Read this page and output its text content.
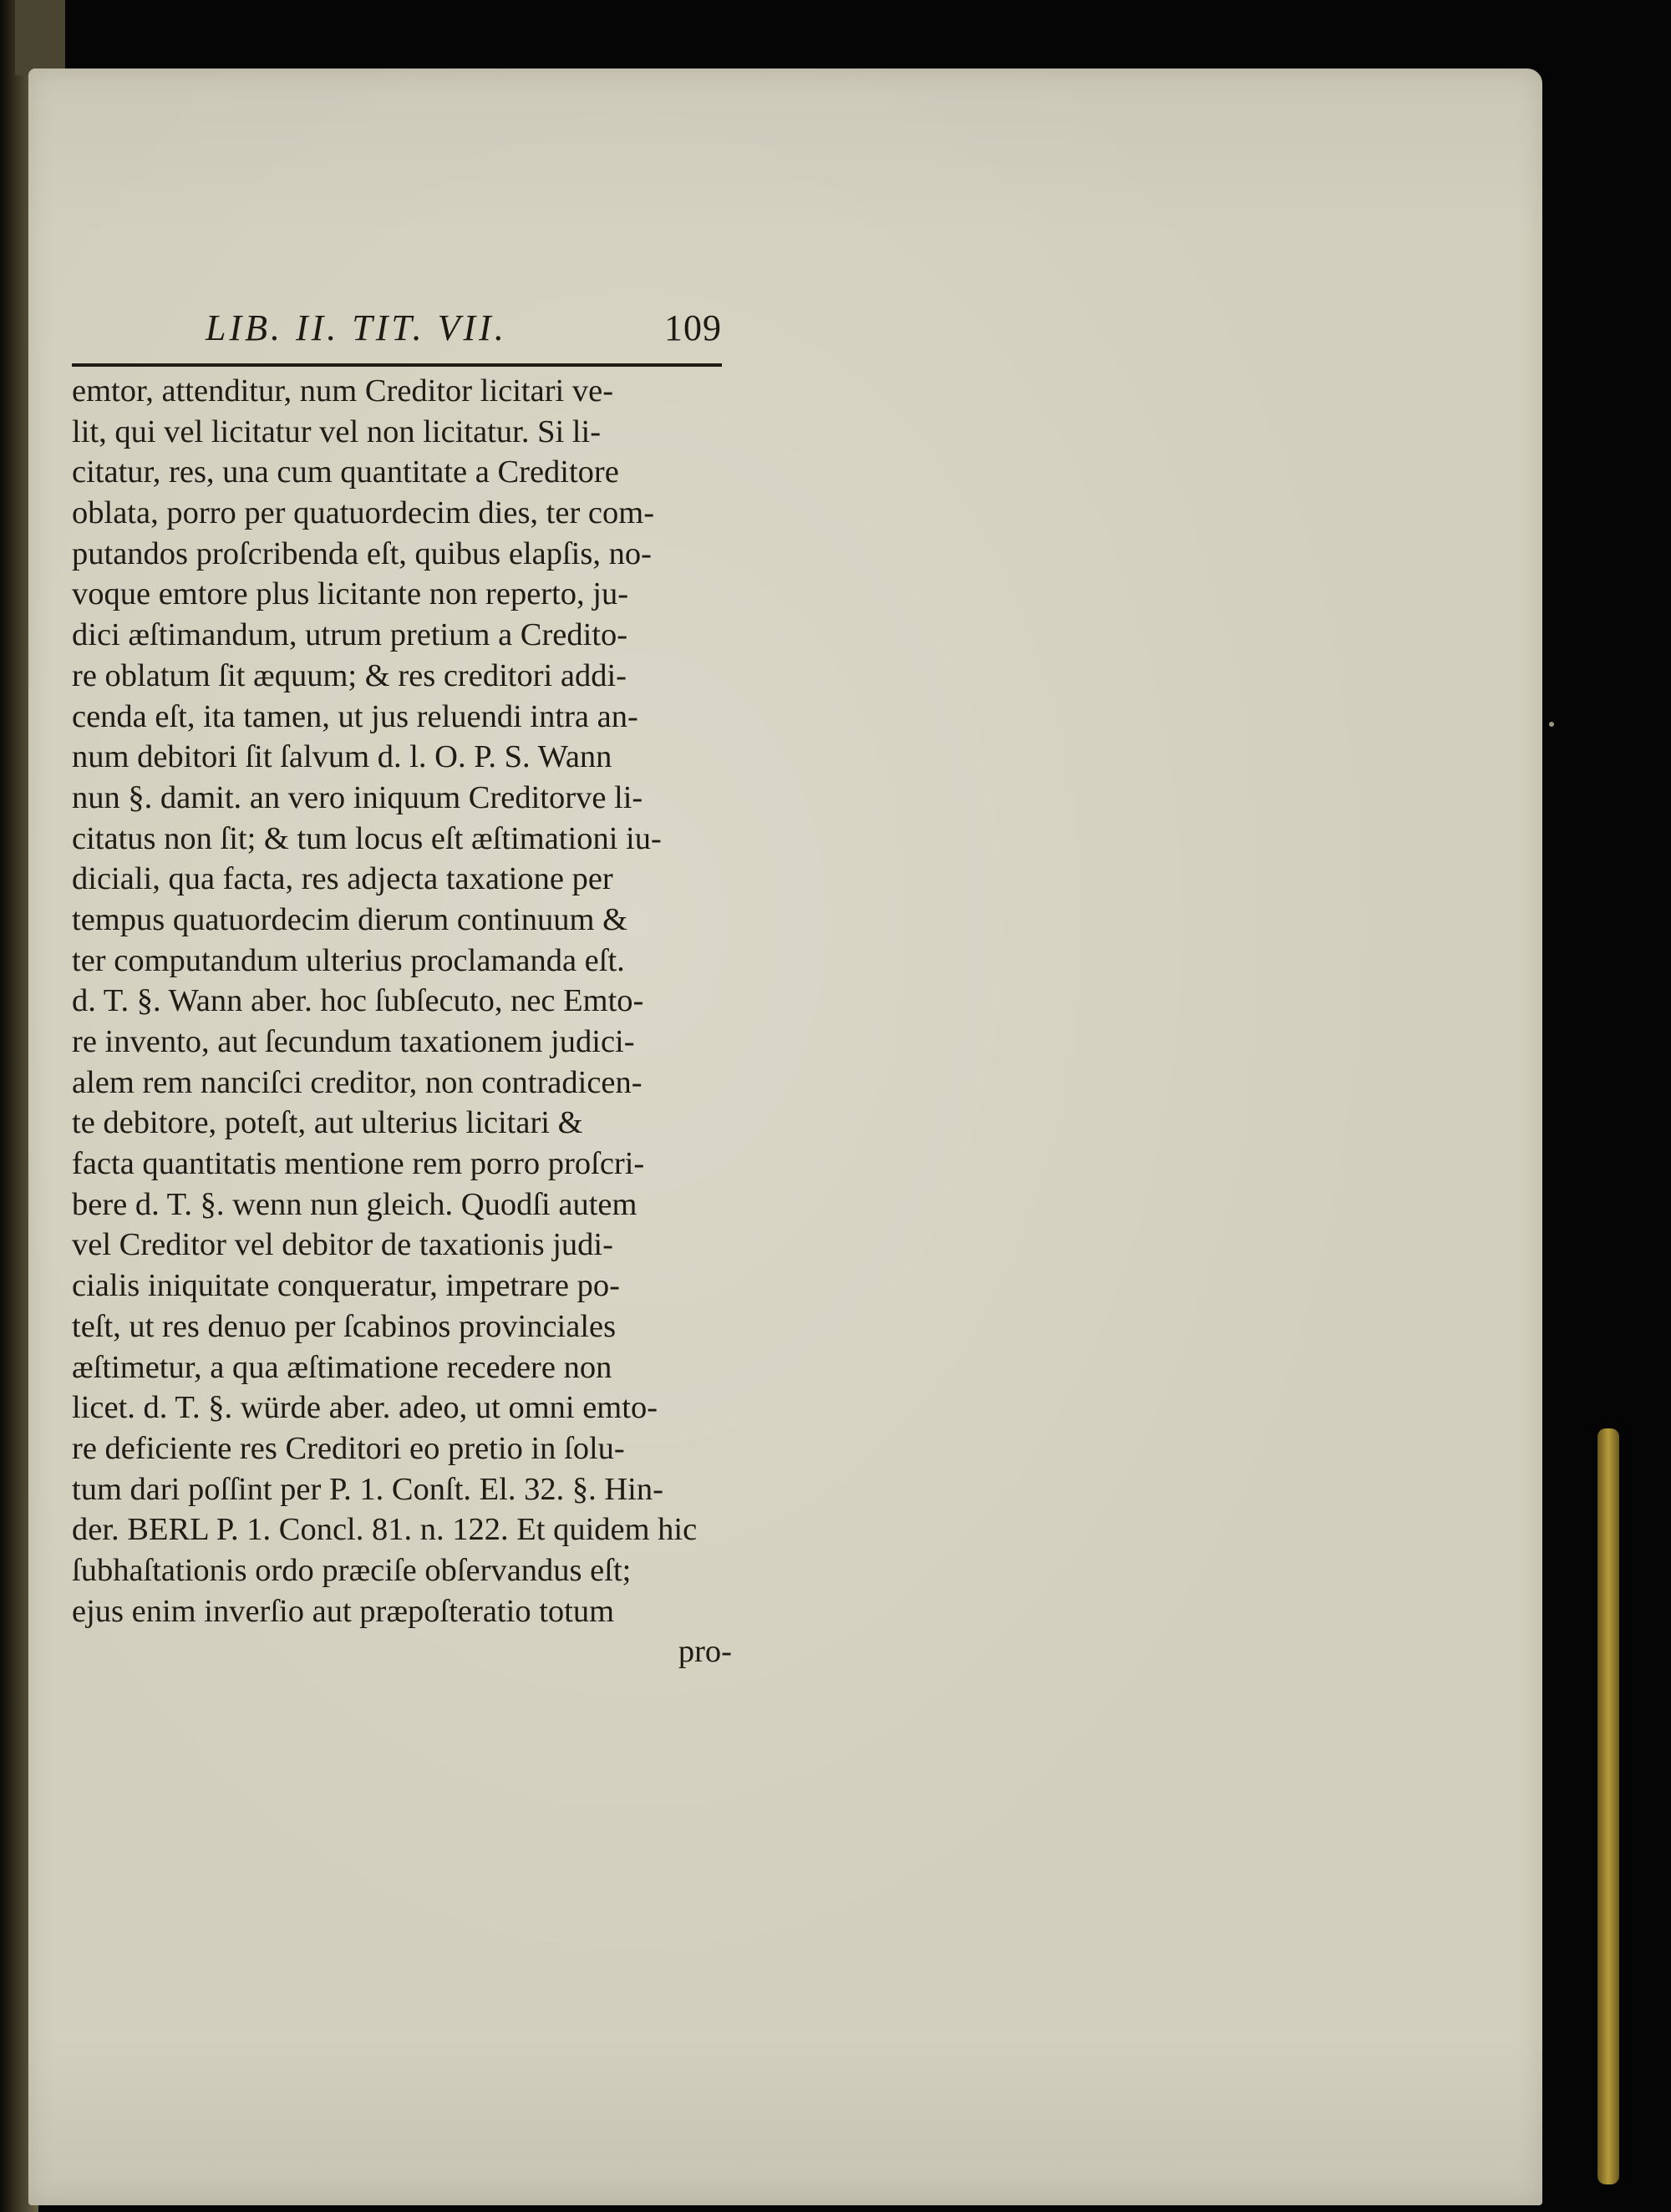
LIB. II. TIT. VII.	109
emtor, attenditur, num Creditor licitari ve-
lit, qui vel licitatur vel non licitatur. Si li-
citatur, res, una cum quantitate a Creditore
oblata, porro per quatuordecim dies, ter com-
putandos proſcribenda eſt, quibus elapſis, no-
voque emtore plus licitante non reperto, ju-
dici æſtimandum, utrum pretium a Credito-
re oblatum ſit æquum; & res creditori addi-
cenda eſt, ita tamen, ut jus reluendi intra an-
num debitori ſit ſalvum d. l. O. P. S. Wann
nun §. damit. an vero iniquum Creditorve li-
citatus non ſit; & tum locus eſt æſtimationi iu-
diciali, qua facta, res adjecta taxatione per
tempus quatuordecim dierum continuum &
ter computandum ulterius proclamanda eſt.
d. T. §. Wann aber. hoc ſubſecuto, nec Emto-
re invento, aut ſecundum taxationem judici-
alem rem nanciſci creditor, non contradicen-
te debitore, poteſt, aut ulterius licitari &
facta quantitatis mentione rem porro proſcri-
bere d. T. §. wenn nun gleich. Quodſi autem
vel Creditor vel debitor de taxationis judi-
cialis iniquitate conqueratur, impetrare po-
teſt, ut res denuo per ſcabinos provinciales
æſtimetur, a qua æſtimatione recedere non
licet. d. T. §. würde aber. adeo, ut omni emto-
re deficiente res Creditori eo pretio in ſolu-
tum dari poſſint per P. 1. Conſt. El. 32. §. Hin-
der. BERL P. 1. Concl. 81. n. 122. Et quidem hic
ſubhaſtationis ordo præciſe obſervandus eſt;
ejus enim inverſio aut præpoſteratio totum
pro-
